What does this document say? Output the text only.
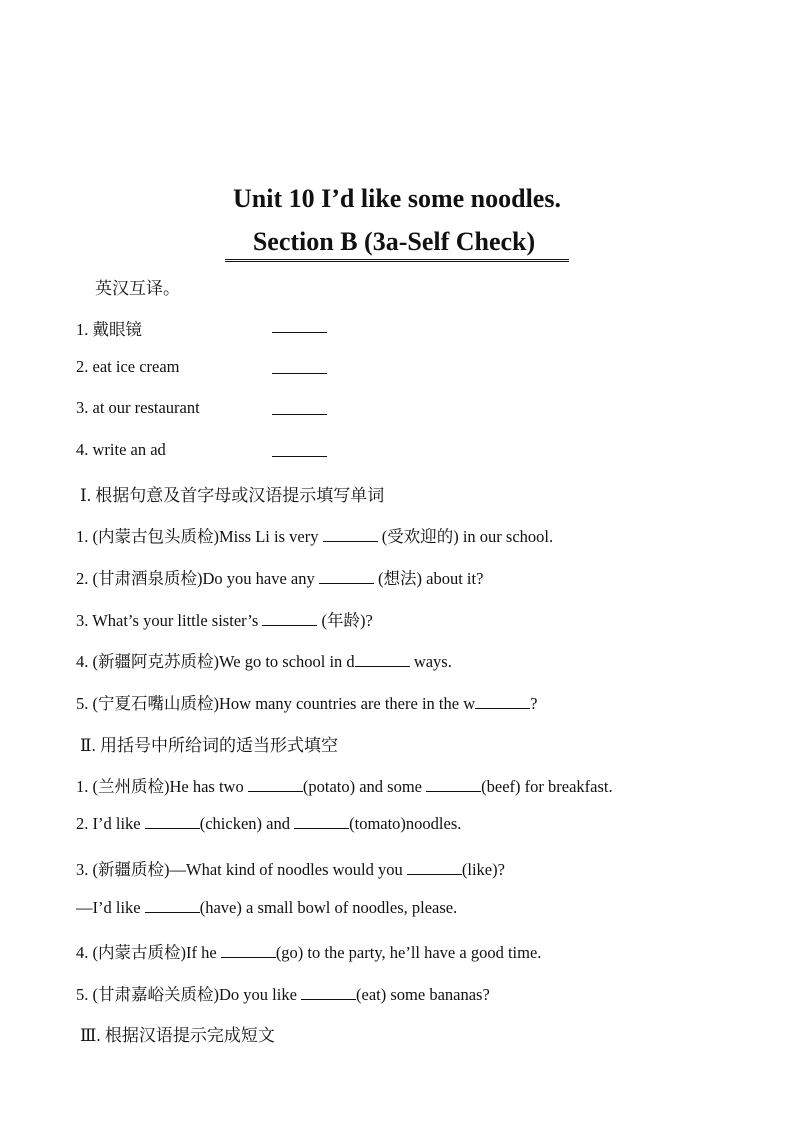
Unit 10 I’d like some noodles.
Section B (3a-Self Check)
英汉互译。
1. 戴眼镜
2. eat ice cream
3. at our restaurant
4. write an ad
Ⅰ. 根据句意及首字母或汉语提示填写单词
1. (内蒙古包头质检)Miss Li is very	(受欢迎的) in our school.
2. (甘肃酒泉质检)Do you have any	(想法) about it?
3. What’s your little sister’s	(年龄)?
4. (新疆阿克苏质检)We go to school in d	ways.
5. (宁夏石嘴山质检)How many countries are there in the w	?
Ⅱ. 用括号中所给词的适当形式填空
1. (兰州质检)He has two	(potato) and some	(beef) for breakfast.
2. I’d like	(chicken) and	(tomato)noodles.
3. (新疆质检)—What kind of noodles would you	(like)?
—I’d like	(have) a small bowl of noodles, please.
4. (内蒙古质检)If he	(go) to the party, he’ll have a good time.
5. (甘肃嘉峪关质检)Do you like	(eat) some bananas?
Ⅲ. 根据汉语提示完成短文
